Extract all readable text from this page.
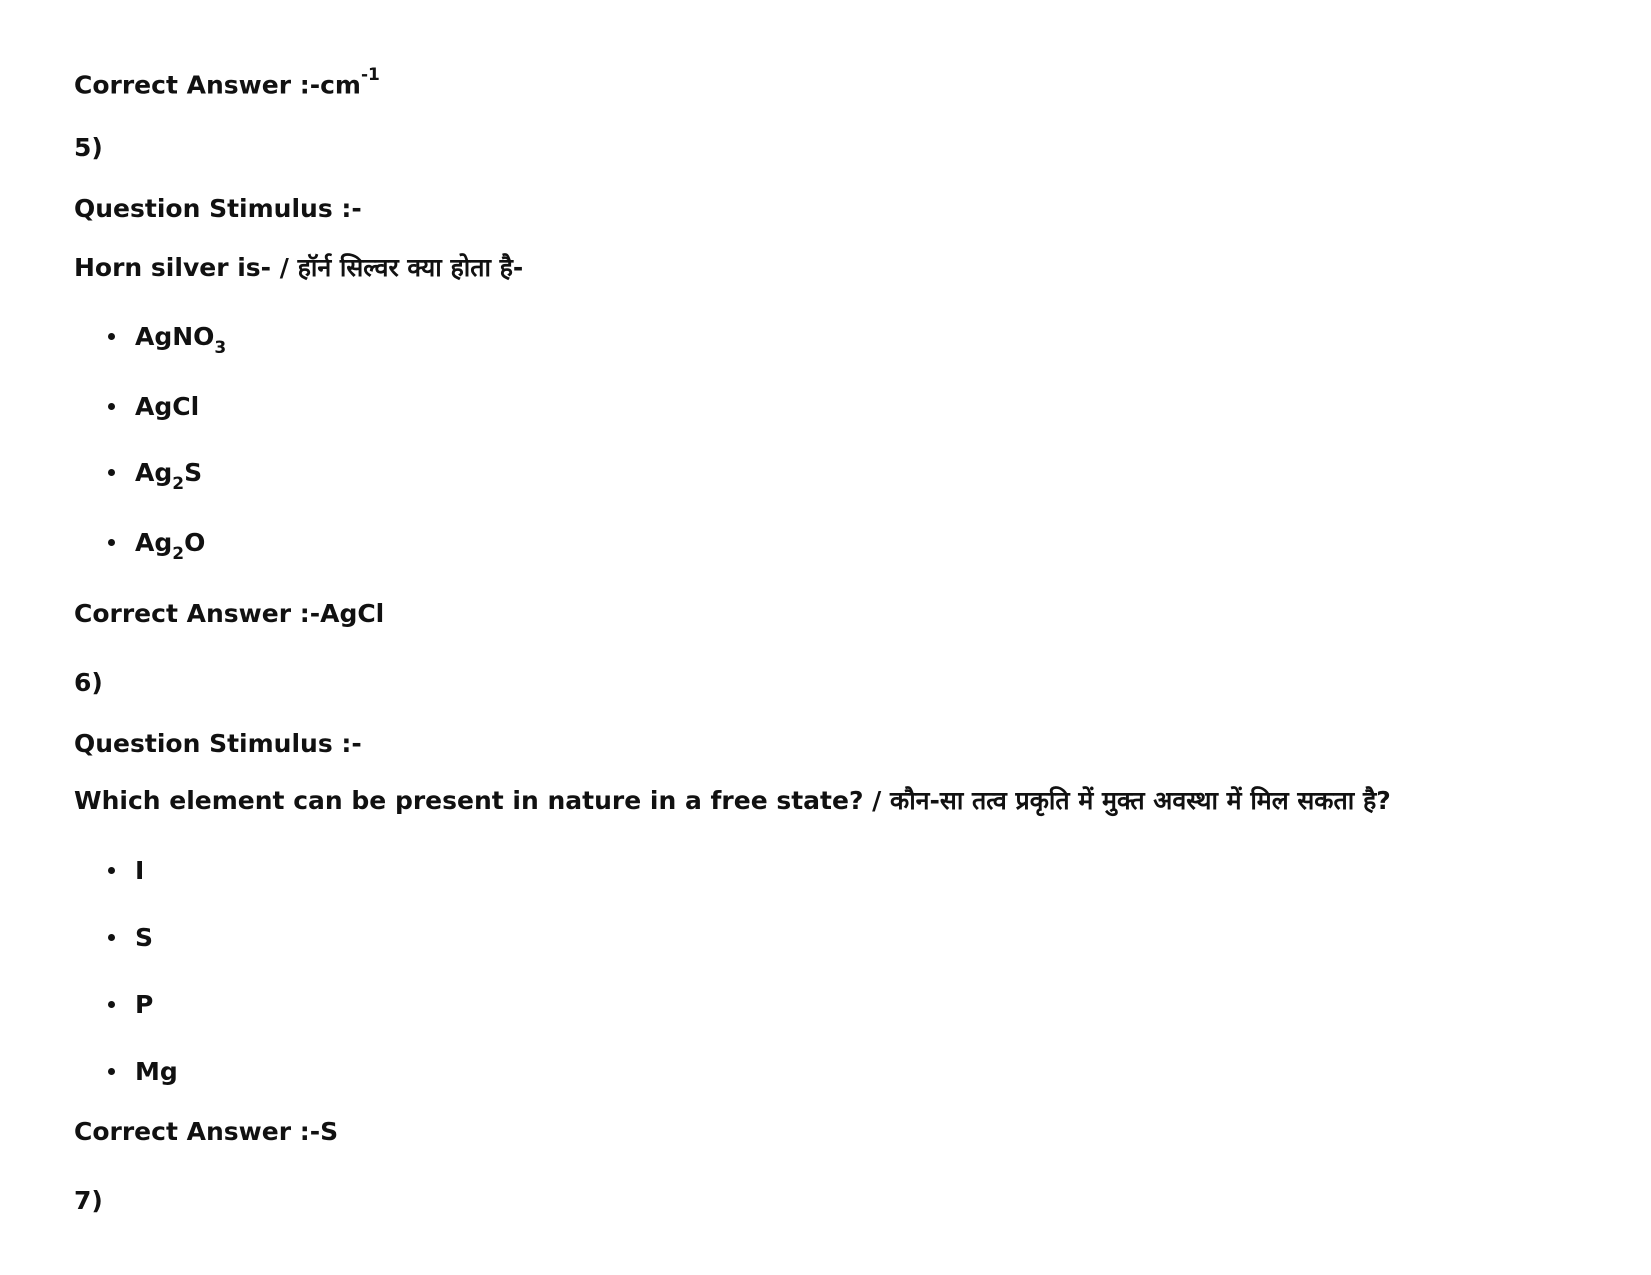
Correct Answer $:-cm^{-1}$
5)
Question Stimulus :-
Horn silver is- / हॉर्न सिल्वर क्या होता है-
AgNO$_3$
AgCl
$Ag_2S$
$Ag_2O$
Correct Answer :-AgCl
6)
Question Stimulus :-
Which element can be present in nature in a free state? / कौन-सा तत्व प्रकृति में मुक्त अवस्था में मिल सकता है?
I
S
P
Mg
Correct Answer :-S
7)
